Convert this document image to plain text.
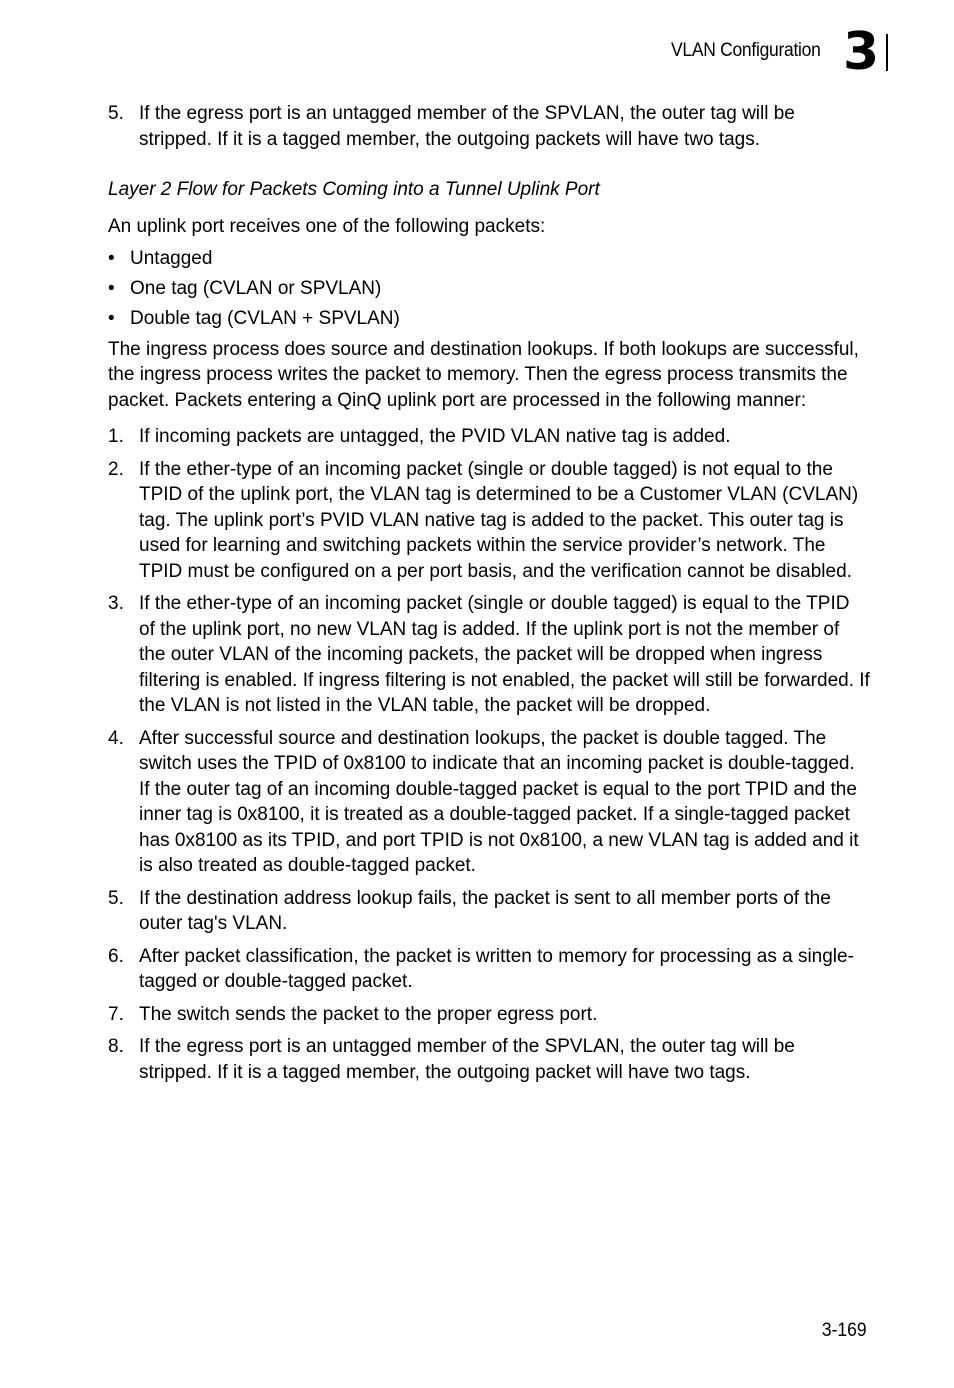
VLAN Configuration 3
5. If the egress port is an untagged member of the SPVLAN, the outer tag will be stripped. If it is a tagged member, the outgoing packets will have two tags.

Layer 2 Flow for Packets Coming into a Tunnel Uplink Port

An uplink port receives one of the following packets:

• Untagged
• One tag (CVLAN or SPVLAN)
• Double tag (CVLAN + SPVLAN)

The ingress process does source and destination lookups. If both lookups are successful, the ingress process writes the packet to memory. Then the egress process transmits the packet. Packets entering a QinQ uplink port are processed in the following manner:

1. If incoming packets are untagged, the PVID VLAN native tag is added.
2. If the ether-type of an incoming packet (single or double tagged) is not equal to the TPID of the uplink port, the VLAN tag is determined to be a Customer VLAN (CVLAN) tag. The uplink port’s PVID VLAN native tag is added to the packet. This outer tag is used for learning and switching packets within the service provider’s network. The TPID must be configured on a per port basis, and the verification cannot be disabled.
3. If the ether-type of an incoming packet (single or double tagged) is equal to the TPID of the uplink port, no new VLAN tag is added. If the uplink port is not the member of the outer VLAN of the incoming packets, the packet will be dropped when ingress filtering is enabled. If ingress filtering is not enabled, the packet will still be forwarded. If the VLAN is not listed in the VLAN table, the packet will be dropped.
4. After successful source and destination lookups, the packet is double tagged. The switch uses the TPID of 0x8100 to indicate that an incoming packet is double-tagged. If the outer tag of an incoming double-tagged packet is equal to the port TPID and the inner tag is 0x8100, it is treated as a double-tagged packet. If a single-tagged packet has 0x8100 as its TPID, and port TPID is not 0x8100, a new VLAN tag is added and it is also treated as double-tagged packet.
5. If the destination address lookup fails, the packet is sent to all member ports of the outer tag's VLAN.
6. After packet classification, the packet is written to memory for processing as a single-tagged or double-tagged packet.
7. The switch sends the packet to the proper egress port.
8. If the egress port is an untagged member of the SPVLAN, the outer tag will be stripped. If it is a tagged member, the outgoing packet will have two tags.
3-169
